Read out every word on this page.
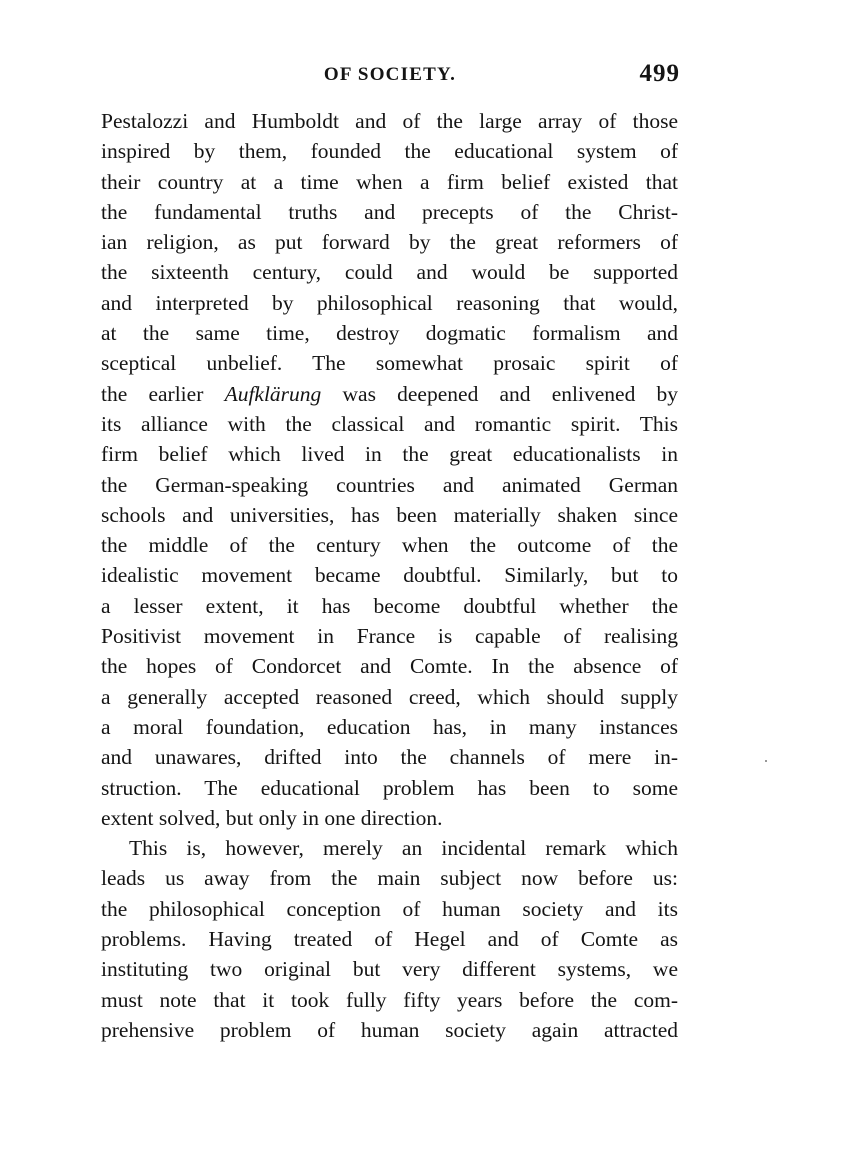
OF SOCIETY.	499
Pestalozzi and Humboldt and of the large array of those
inspired by them, founded the educational system of
their country at a time when a firm belief existed that
the fundamental truths and precepts of the Christ-
ian religion, as put forward by the great reformers of
the sixteenth century, could and would be supported
and interpreted by philosophical reasoning that would,
at the same time, destroy dogmatic formalism and
sceptical unbelief. The somewhat prosaic spirit of
the earlier Aufklärung was deepened and enlivened by
its alliance with the classical and romantic spirit. This
firm belief which lived in the great educationalists in
the German-speaking countries and animated German
schools and universities, has been materially shaken since
the middle of the century when the outcome of the
idealistic movement became doubtful. Similarly, but to
a lesser extent, it has become doubtful whether the
Positivist movement in France is capable of realising
the hopes of Condorcet and Comte. In the absence of
a generally accepted reasoned creed, which should supply
a moral foundation, education has, in many instances
and unawares, drifted into the channels of mere in-
struction. The educational problem has been to some
extent solved, but only in one direction.
This is, however, merely an incidental remark which
leads us away from the main subject now before us:
the philosophical conception of human society and its
problems. Having treated of Hegel and of Comte as
instituting two original but very different systems, we
must note that it took fully fifty years before the com-
prehensive problem of human society again attracted
